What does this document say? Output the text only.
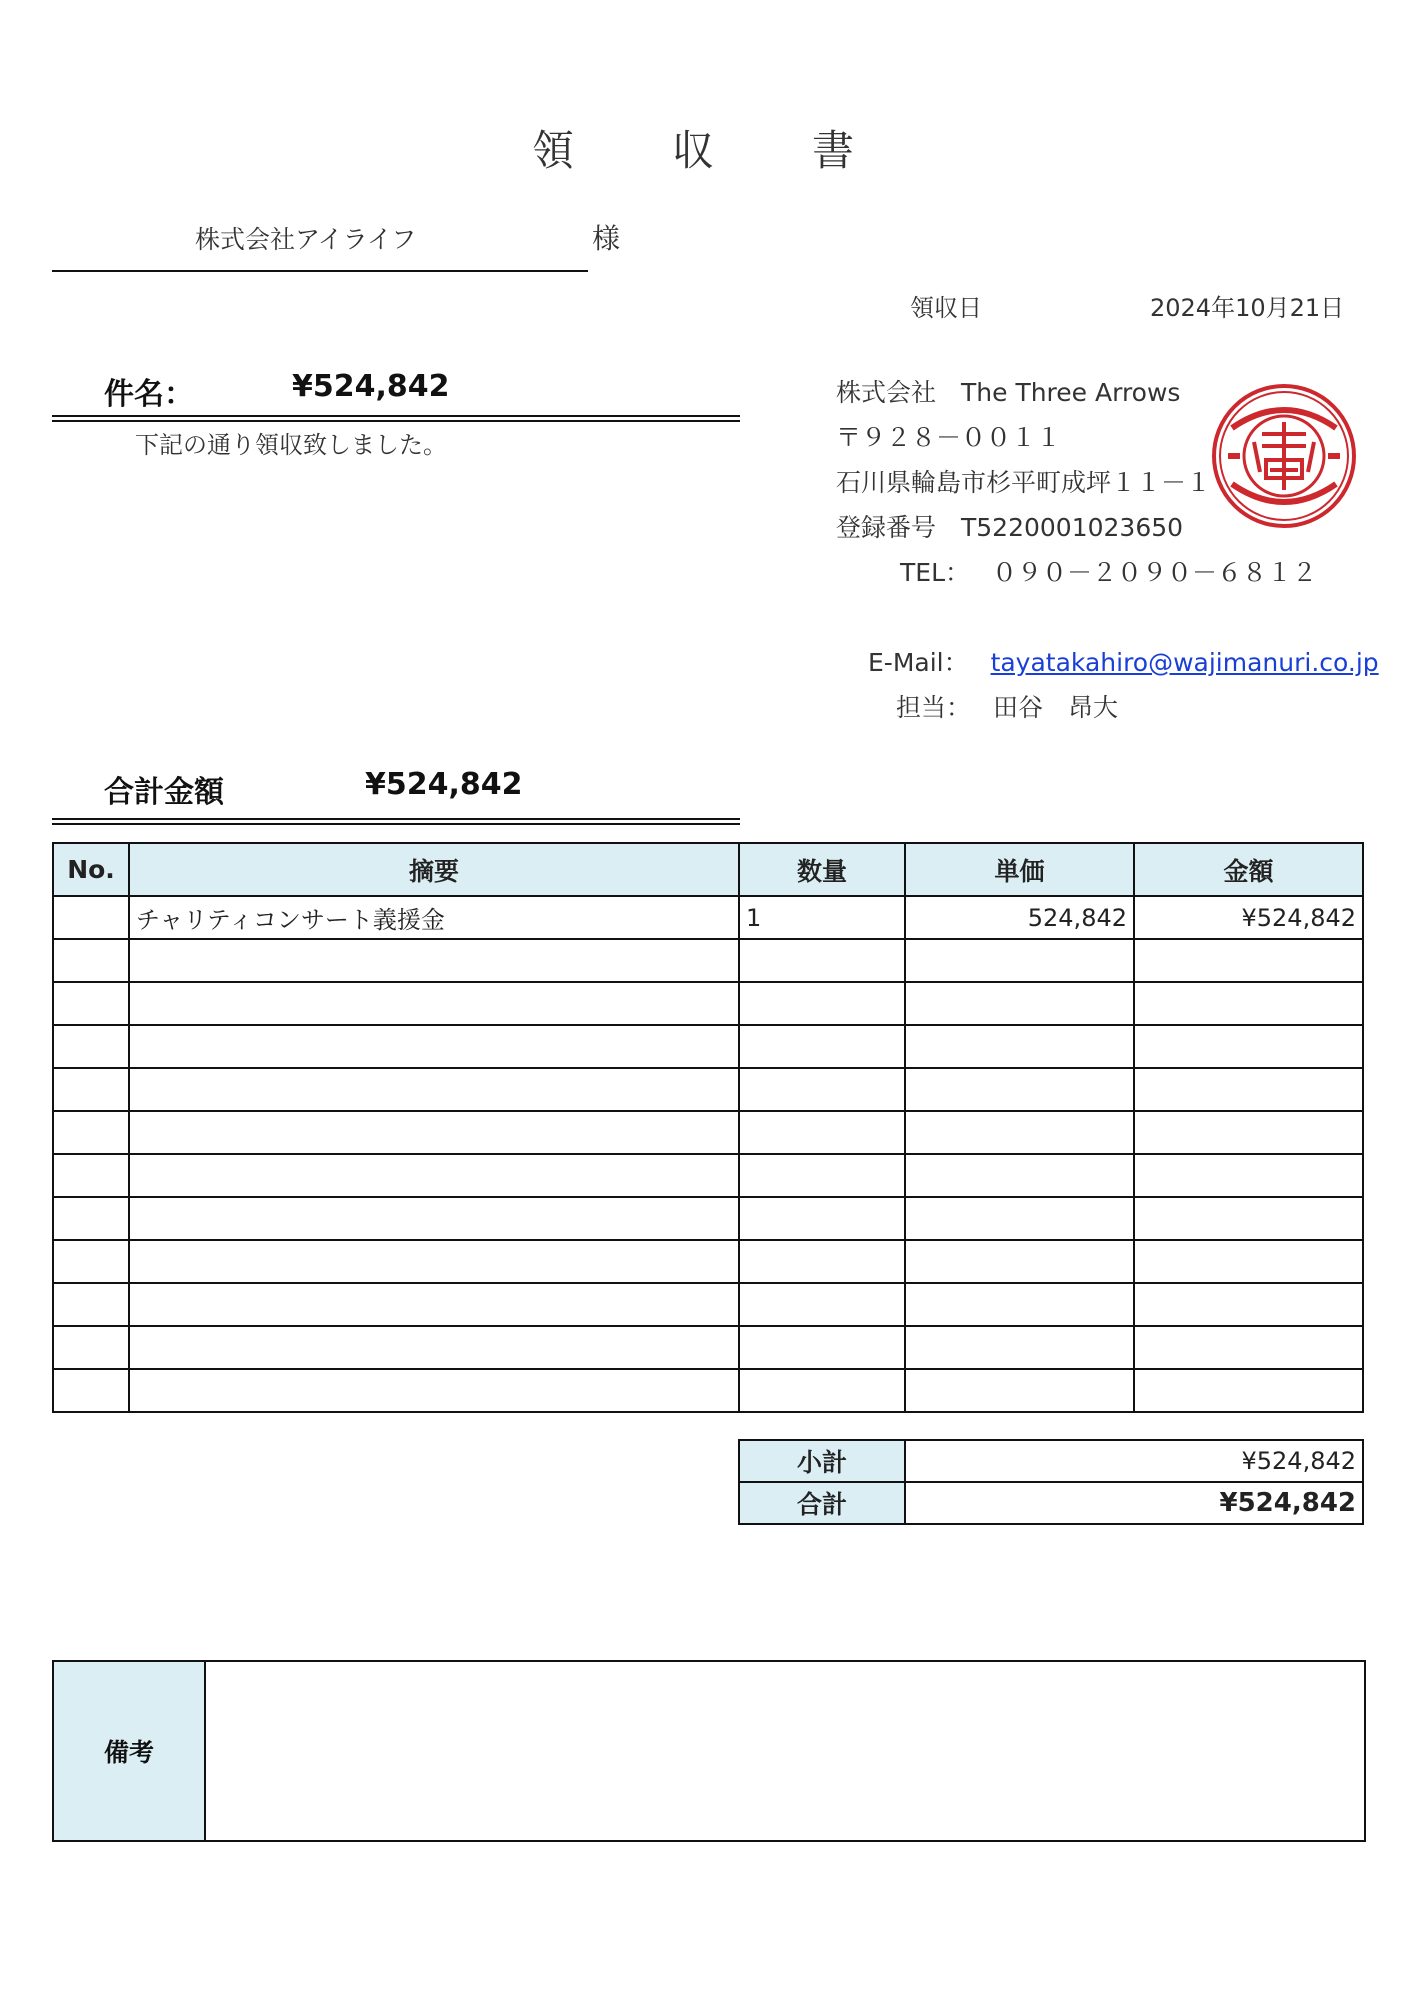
領　収　書
株式会社アイライフ	様
領収日	2024年10月21日
件名：	¥524,842
下記の通り領収致しました。
株式会社　The Three Arrows
〒９２８－００１１
石川県輪島市杉平町成坪１１－１
登録番号　T5220001023650
TEL： ０９０－２０９０－６８１２
E-Mail： tayatakahiro@wajimanuri.co.jp
担当： 田谷　昂大
合計金額	¥524,842
No.	摘要	数量	単価	金額
	チャリティコンサート義援金	1	524,842	¥524,842

小計	¥524,842
合計	¥524,842
備考
